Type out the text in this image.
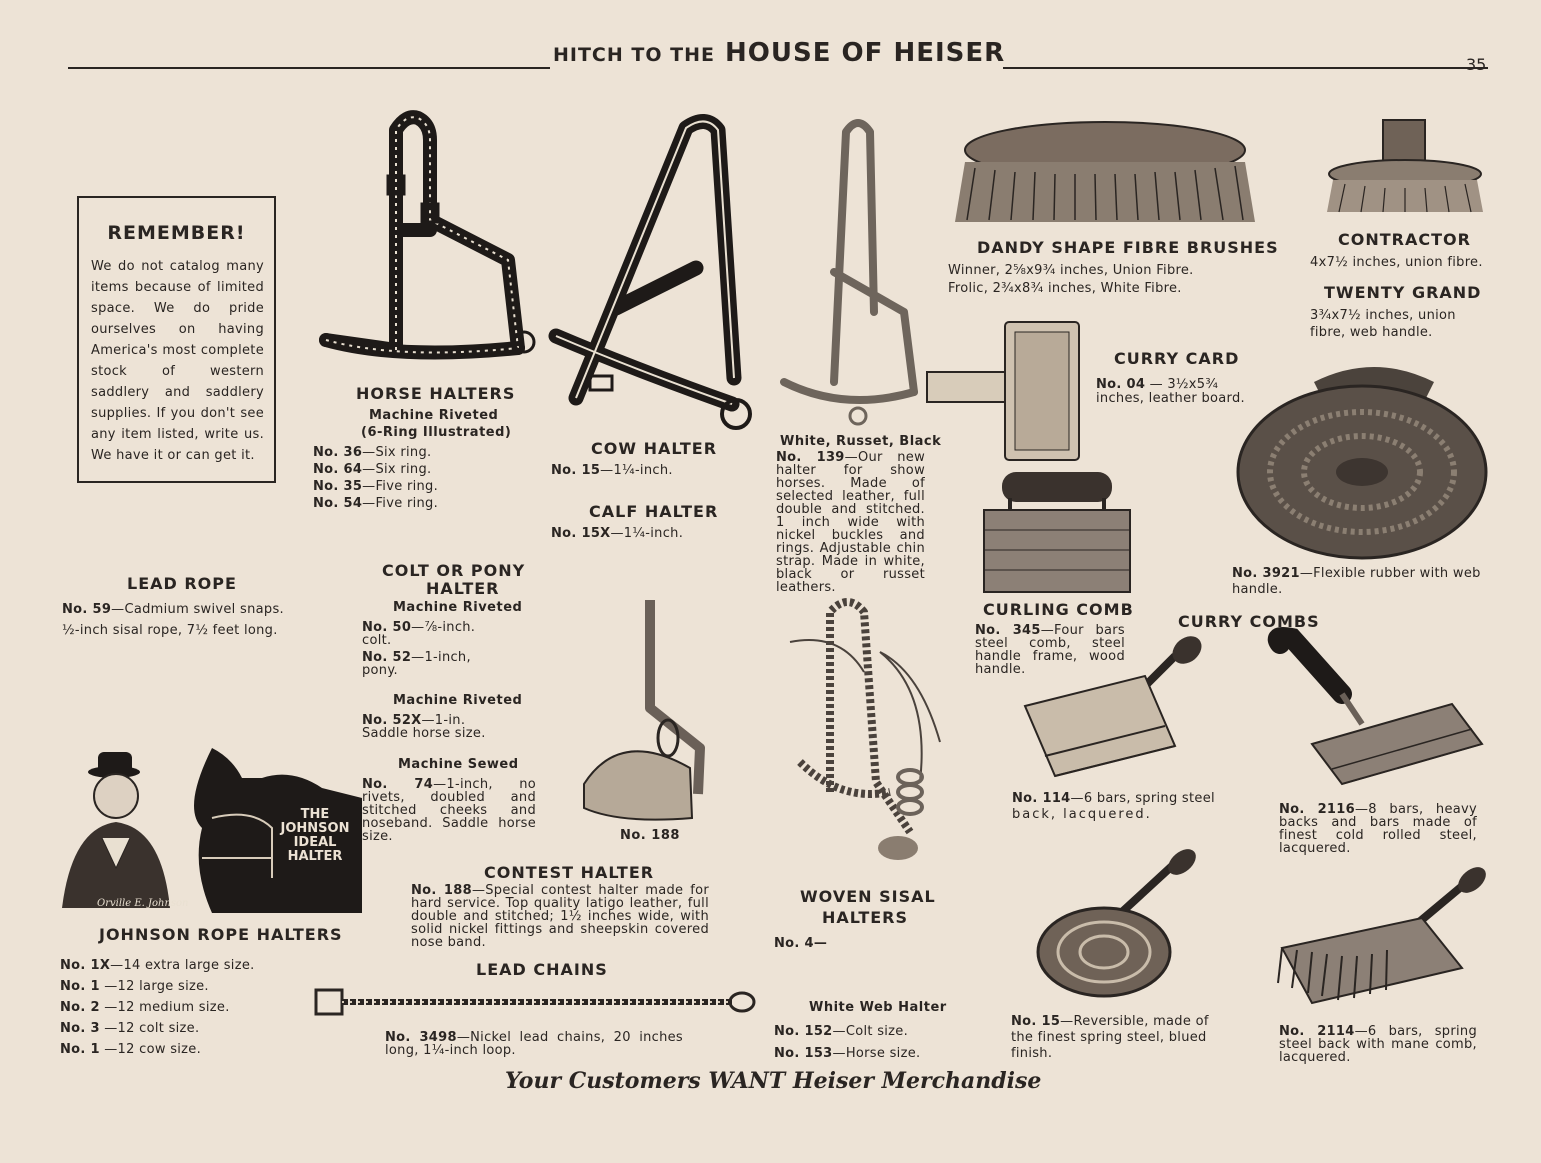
HITCH TO THE HOUSE OF HEISER	35
REMEMBER!
We do not catalog many items because of limited space. We do pride ourselves on having America's most complete stock of western saddlery and saddlery supplies. If you don't see any item listed, write us. We have it or can get it.
Orville E. Johnson
THE
JOHNSON
IDEAL
HALTER
HORSE HALTERS
Machine Riveted
(6-Ring Illustrated)
No. 36—Six ring.
No. 64—Six ring.
No. 35—Five ring.
No. 54—Five ring.
COW HALTER
No. 15—1¼-inch.
CALF HALTER
No. 15X—1¼-inch.
White, Russet, Black
No. 139—Our new halter for show horses. Made of selected leather, full double and stitched. 1 inch wide with nickel buckles and rings. Adjustable chin strap. Made in white, black or russet leathers.
DANDY SHAPE FIBRE BRUSHES
Winner, 2⅝x9¾ inches, Union Fibre.
Frolic, 2¾x8¾ inches, White Fibre.
CONTRACTOR
4x7½ inches, union fibre.
TWENTY GRAND
3¾x7½ inches, union
fibre, web handle.
CURRY CARD
No. 04 — 3½x5¾
inches, leather board.
No. 3921—Flexible rubber with web
handle.
LEAD ROPE
No. 59—Cadmium swivel snaps.
½-inch sisal rope, 7½ feet long.
COLT OR PONY
HALTER
Machine Riveted
No. 50—⅞-inch.
colt.
No. 52—1-inch,
pony.
Machine Riveted
No. 52X—1-in.
Saddle horse size.
Machine Sewed
No. 74—1-inch, no rivets, doubled and stitched cheeks and noseband. Saddle horse size.	No. 188
CONTEST HALTER
No. 188—Special contest halter made for hard service. Top quality latigo leather, full double and stitched; 1½ inches wide, with solid nickel fittings and sheepskin covered nose band.
LEAD CHAINS
No. 3498—Nickel lead chains, 20 inches long, 1¼-inch loop.
JOHNSON ROPE HALTERS
No. 1X—14 extra large size.
No. 1 —12 large size.
No. 2 —12 medium size.
No. 3 —12 colt size.
No. 1 —12 cow size.
WOVEN SISAL
HALTERS
No. 4—
White Web Halter
No. 152—Colt size.
No. 153—Horse size.
CURLING COMB
No. 345—Four bars steel comb, steel handle frame, wood handle.
CURRY COMBS
No. 114—6 bars, spring steel
back, lacquered.	No. 2116—8 bars, heavy backs and bars made of finest cold rolled steel, lacquered.
No. 15—Reversible, made of
the finest spring steel, blued
finish.
No. 2114—6 bars, spring steel back with mane comb, lacquered.
Your Customers WANT Heiser Merchandise
